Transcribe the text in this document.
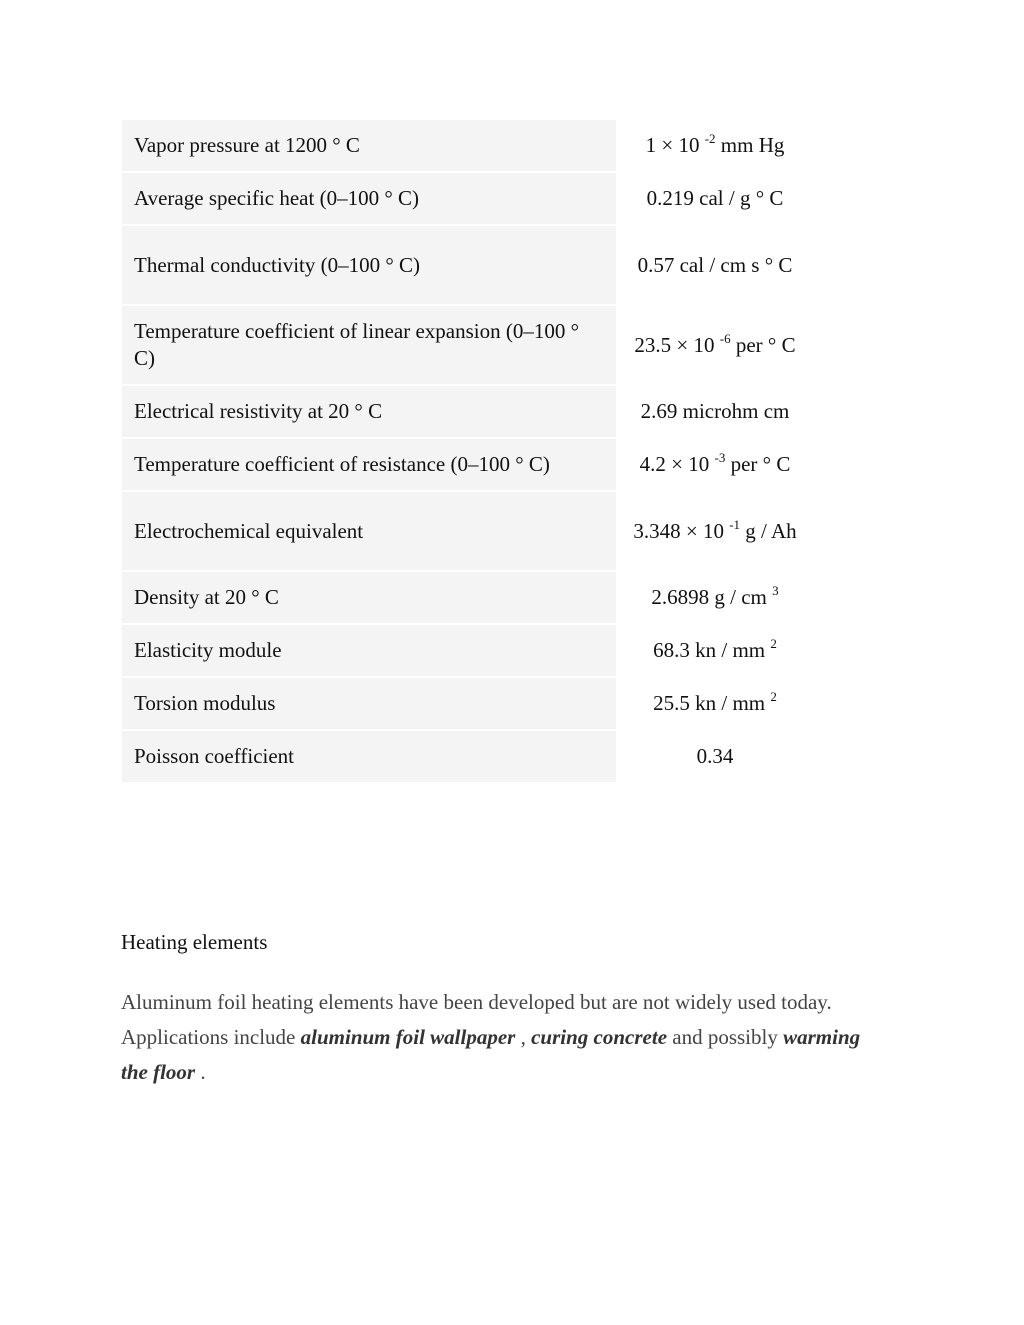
Vapor pressure at 1200 ° C	1 × 10 $^{-2}$ mm Hg
Average specific heat (0–100 ° C)	0.219 cal / g ° C
Thermal conductivity (0–100 ° C)	0.57 cal / cm s ° C
Temperature coefficient of linear expansion (0–100 ° C)	23.5 × 10 $^{-6}$ per ° C
Electrical resistivity at 20 ° C	2.69 microhm cm
Temperature coefficient of resistance (0–100 ° C)	4.2 × 10 $^{-3}$ per ° C
Electrochemical equivalent	3.348 × 10 $^{-1}$ g / Ah
Density at 20 ° C	2.6898 g / cm $^3$
Elasticity module	68.3 kn / mm $^2$
Torsion modulus	25.5 kn / mm $^2$
Poisson coefficient	0.34
Heating elements

Aluminum foil heating elements have been developed but are not widely used today. Applications include aluminum foil wallpaper , curing concrete and possibly warming the floor .
